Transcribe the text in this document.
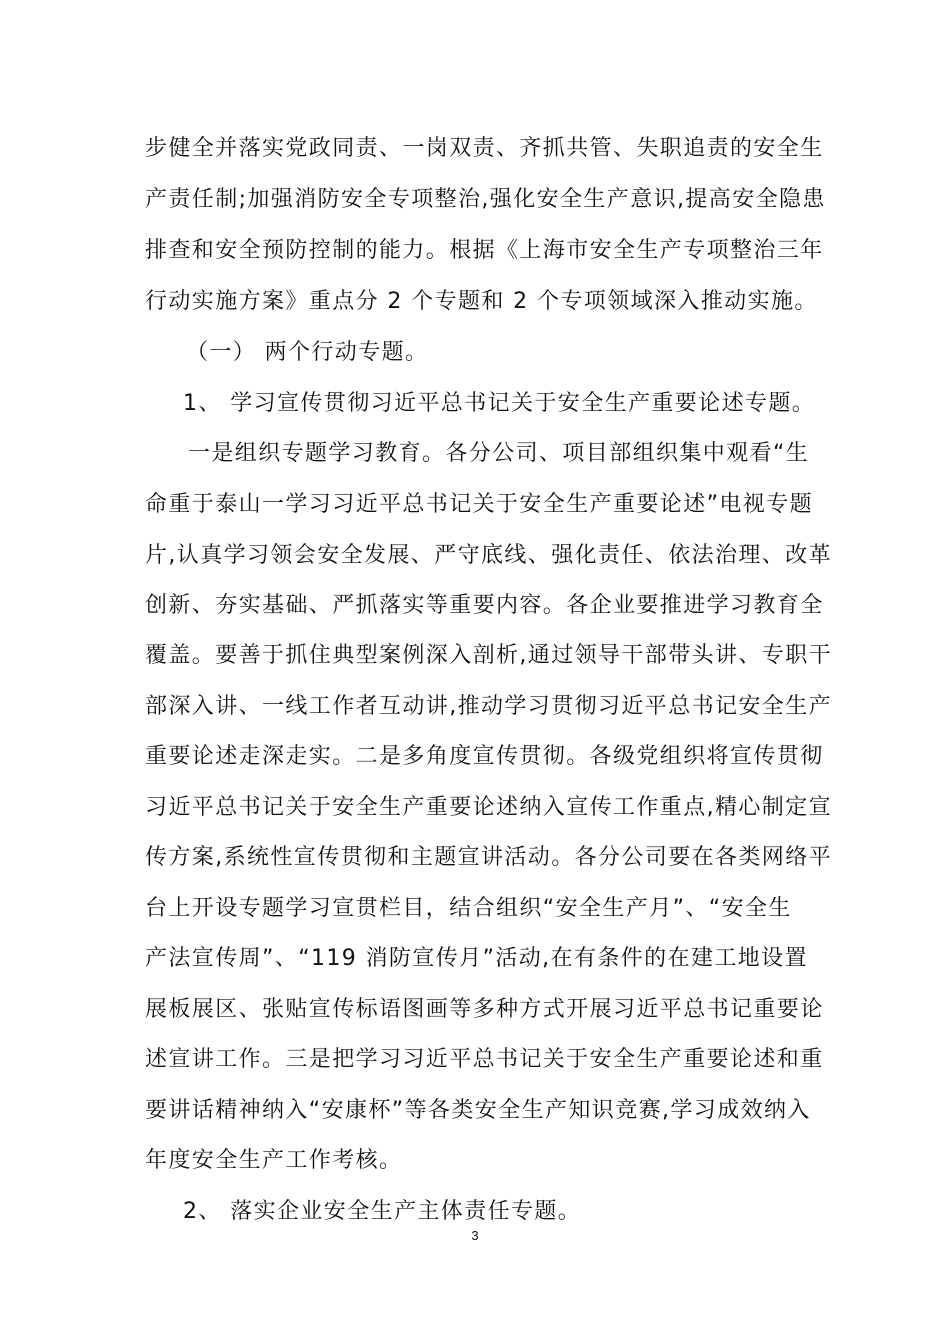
步健全并落实党政同责、一岗双责、齐抓共管、失职追责的安全生
产责任制;加强消防安全专项整治,强化安全生产意识,提高安全隐患
排查和安全预防控制的能力。根据《上海市安全生产专项整治三年
行动实施方案》重点分 2 个专题和 2 个专项领域深入推动实施。
（一） 两个行动专题。
1、 学习宣传贯彻习近平总书记关于安全生产重要论述专题。
一是组织专题学习教育。各分公司、项目部组织集中观看“生
命重于泰山一学习习近平总书记关于安全生产重要论述”电视专题
片,认真学习领会安全发展、严守底线、强化责任、依法治理、改革
创新、夯实基础、严抓落实等重要内容。各企业要推进学习教育全
覆盖。要善于抓住典型案例深入剖析,通过领导干部带头讲、专职干
部深入讲、一线工作者互动讲,推动学习贯彻习近平总书记安全生产
重要论述走深走实。二是多角度宣传贯彻。各级党组织将宣传贯彻
习近平总书记关于安全生产重要论述纳入宣传工作重点,精心制定宣
传方案,系统性宣传贯彻和主题宣讲活动。各分公司要在各类网络平
台上开设专题学习宣贯栏目，结合组织“安全生产月”、“安全生
产法宣传周”、“119 消防宣传月”活动,在有条件的在建工地设置
展板展区、张贴宣传标语图画等多种方式开展习近平总书记重要论
述宣讲工作。三是把学习习近平总书记关于安全生产重要论述和重
要讲话精神纳入“安康杯”等各类安全生产知识竞赛,学习成效纳入
年度安全生产工作考核。
2、 落实企业安全生产主体责任专题。
3
